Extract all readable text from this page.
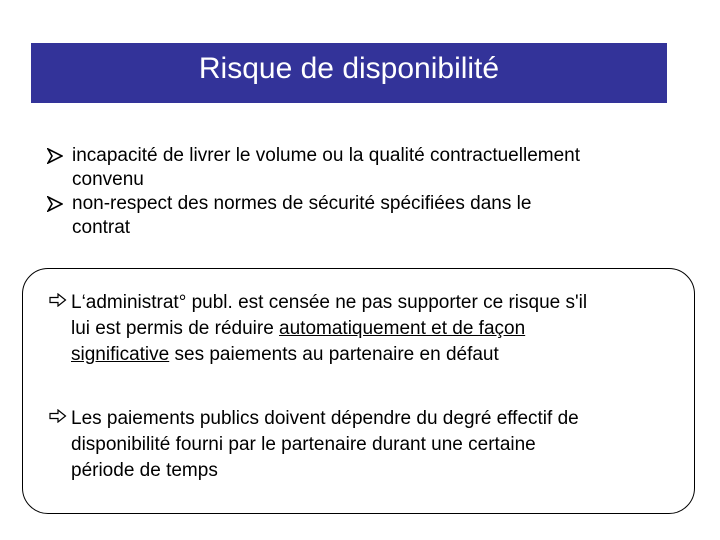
Risque de disponibilité
incapacité de livrer le volume ou la qualité contractuellement
convenu
non-respect des normes de sécurité spécifiées dans le
contrat
L‘administrat° publ. est censée ne pas supporter ce risque s'il
lui est permis de réduire automatiquement et de façon
significative ses paiements au partenaire en défaut
Les paiements publics doivent dépendre du degré effectif de
disponibilité fourni par le partenaire durant une certaine
période de temps
